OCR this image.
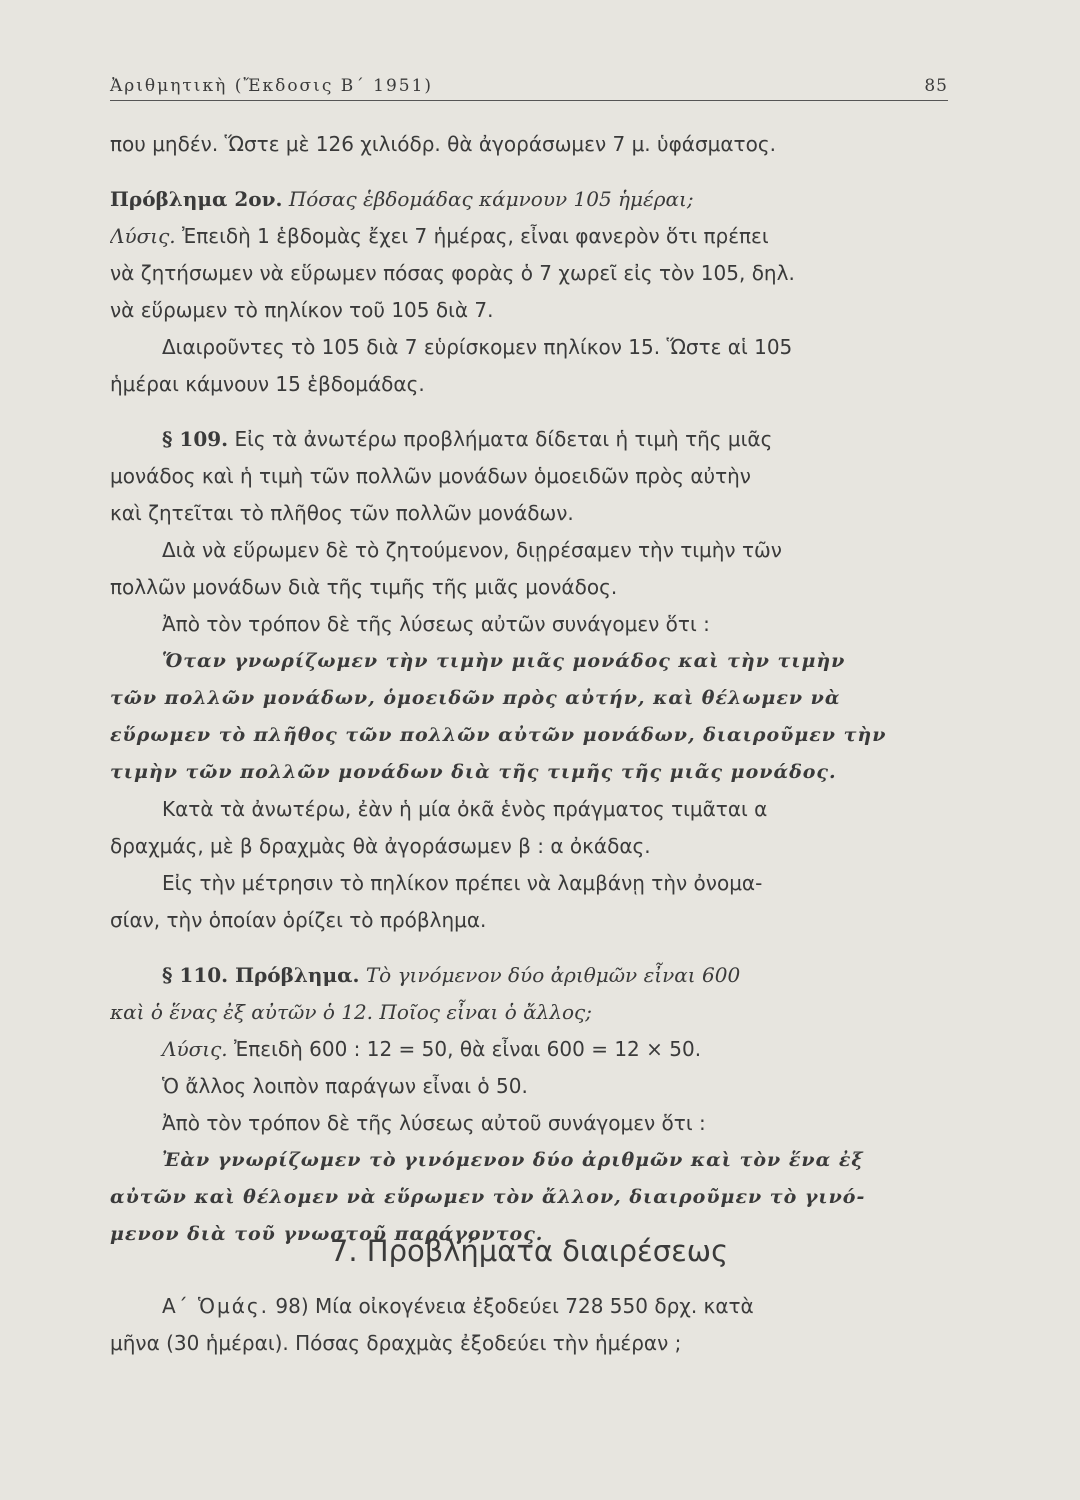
Ἀριθμητικὴ (Ἔκδοσις Β΄ 1951)	85
που μηδέν. Ὥστε μὲ 126 χιλιόδρ. θὰ ἀγοράσωμεν 7 μ. ὑφάσματος.
Πρόβλημα 2ον. Πόσας ἑβδομάδας κάμνουν 105 ἡμέραι;
Λύσις. Ἐπειδὴ 1 ἑβδομὰς ἔχει 7 ἡμέρας, εἶναι φανερὸν ὅτι πρέπει
νὰ ζητήσωμεν νὰ εὕρωμεν πόσας φορὰς ὁ 7 χωρεῖ εἰς τὸν 105, δηλ.
νὰ εὕρωμεν τὸ πηλίκον τοῦ 105 διὰ 7.
Διαιροῦντες τὸ 105 διὰ 7 εὑρίσκομεν πηλίκον 15. Ὥστε αἱ 105
ἡμέραι κάμνουν 15 ἑβδομάδας.
§ 109. Εἰς τὰ ἀνωτέρω προβλήματα δίδεται ἡ τιμὴ τῆς μιᾶς
μονάδος καὶ ἡ τιμὴ τῶν πολλῶν μονάδων ὁμοειδῶν πρὸς αὐτὴν
καὶ ζητεῖται τὸ πλῆθος τῶν πολλῶν μονάδων.
Διὰ νὰ εὕρωμεν δὲ τὸ ζητούμενον, διῃρέσαμεν τὴν τιμὴν τῶν
πολλῶν μονάδων διὰ τῆς τιμῆς τῆς μιᾶς μονάδος.
Ἀπὸ τὸν τρόπον δὲ τῆς λύσεως αὐτῶν συνάγομεν ὅτι :
Ὅταν γνωρίζωμεν τὴν τιμὴν μιᾶς μονάδος καὶ τὴν τιμὴν
τῶν πολλῶν μονάδων, ὁμοειδῶν πρὸς αὐτήν, καὶ θέλωμεν νὰ
εὕρωμεν τὸ πλῆθος τῶν πολλῶν αὐτῶν μονάδων, διαιροῦμεν τὴν
τιμὴν τῶν πολλῶν μονάδων διὰ τῆς τιμῆς τῆς μιᾶς μονάδος.
Κατὰ τὰ ἀνωτέρω, ἐὰν ἡ μία ὀκᾶ ἑνὸς πράγματος τιμᾶται α
δραχμάς, μὲ β δραχμὰς θὰ ἀγοράσωμεν β : α ὀκάδας.
Εἰς τὴν μέτρησιν τὸ πηλίκον πρέπει νὰ λαμβάνῃ τὴν ὀνομα-
σίαν, τὴν ὁποίαν ὁρίζει τὸ πρόβλημα.
§ 110. Πρόβλημα. Τὸ γινόμενον δύο ἀριθμῶν εἶναι 600
καὶ ὁ ἕνας ἐξ αὐτῶν ὁ 12. Ποῖος εἶναι ὁ ἄλλος;
Λύσις. Ἐπειδὴ 600 : 12 = 50, θὰ εἶναι 600 = 12 × 50.
Ὁ ἄλλος λοιπὸν παράγων εἶναι ὁ 50.
Ἀπὸ τὸν τρόπον δὲ τῆς λύσεως αὐτοῦ συνάγομεν ὅτι :
Ἐὰν γνωρίζωμεν τὸ γινόμενον δύο ἀριθμῶν καὶ τὸν ἕνα ἐξ
αὐτῶν καὶ θέλομεν νὰ εὕρωμεν τὸν ἄλλον, διαιροῦμεν τὸ γινό-
μενον διὰ τοῦ γνωστοῦ παράγοντος.
7. Προβλήματα διαιρέσεως
Α΄ Ὁμάς. 98) Μία οἰκογένεια ἐξοδεύει 728 550 δρχ. κατὰ
μῆνα (30 ἡμέραι). Πόσας δραχμὰς ἐξοδεύει τὴν ἡμέραν ;
